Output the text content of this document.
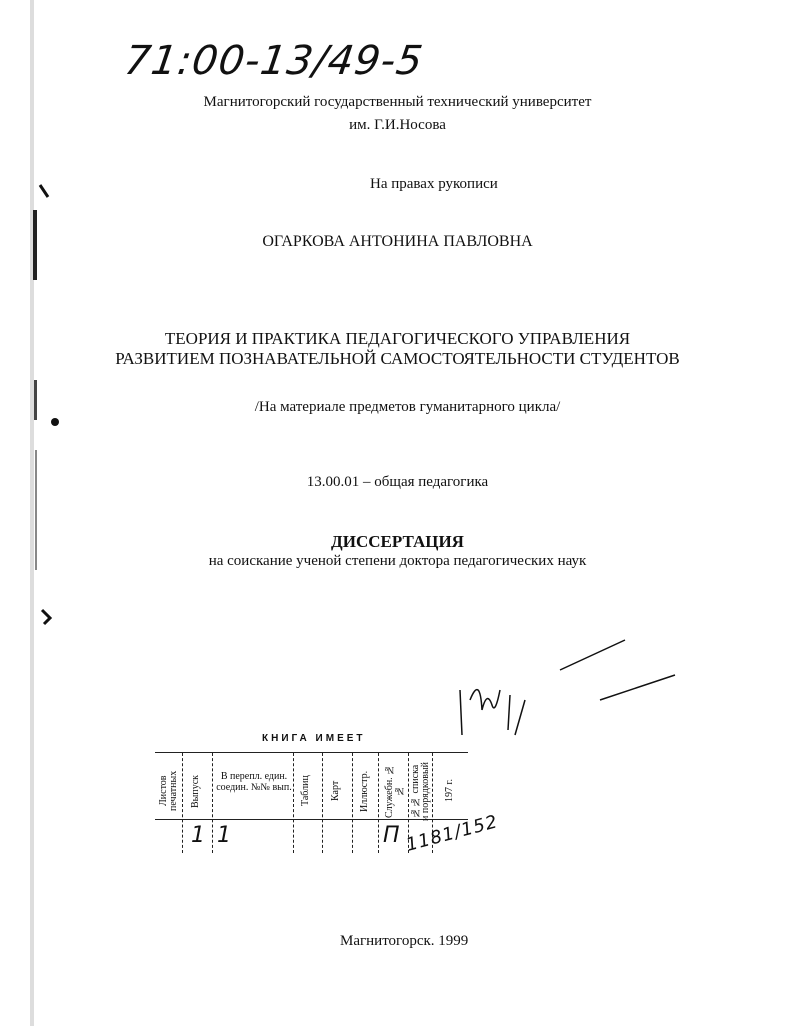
71:00-13/49-5
Магнитогорский государственный технический университет
им. Г.И.Носова
На правах рукописи
ОГАРКОВА АНТОНИНА ПАВЛОВНА
ТЕОРИЯ И ПРАКТИКА ПЕДАГОГИЧЕСКОГО УПРАВЛЕНИЯ
РАЗВИТИЕМ ПОЗНАВАТЕЛЬНОЙ САМОСТОЯТЕЛЬНОСТИ СТУДЕНТОВ
/На материале предметов гуманитарного цикла/
13.00.01 – общая педагогика
ДИССЕРТАЦИЯ
на соискание ученой степени доктора педагогических наук
КНИГА ИМЕЕТ
Листов печатных Выпуск	В перепл. един. соедин. №№ вып. Таблиц Карт Иллюстр. Служебн. №№ №№ списка и порядковый 197 г.
1 1	П 1181/152
Магнитогорск. 1999
